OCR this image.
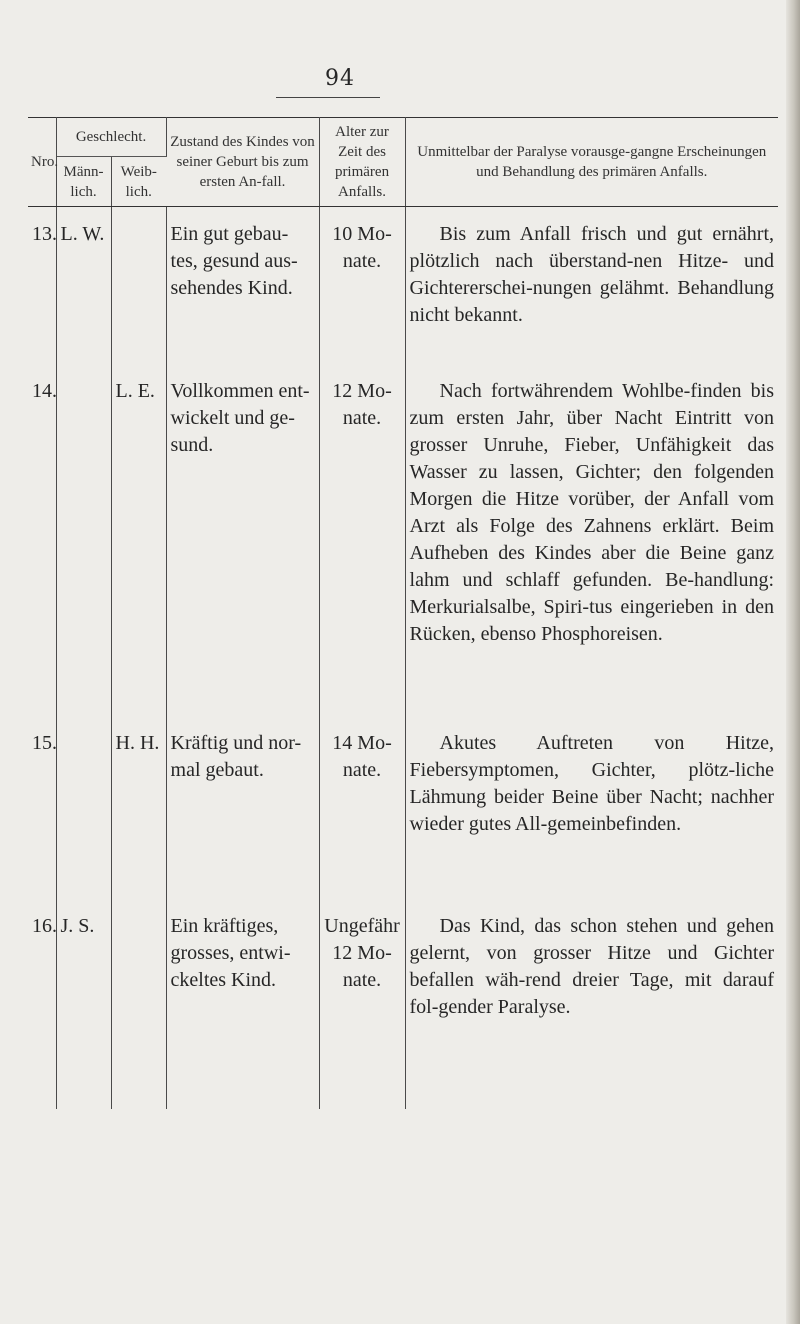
94
Nro.	Geschlecht.		Zustand des Kindes von seiner Geburt bis zum ersten An-fall.	Alter zur Zeit des primären Anfalls.	Unmittelbar der Paralyse vorausge-gangne Erscheinungen und Behandlung des primären Anfalls.
	Männ-lich.	Weib-lich.			
13.	L. W.		Ein gut gebau-tes, gesund aus-sehendes Kind.	10 Mo-nate.	Bis zum Anfall frisch und gut ernährt, plötzlich nach überstand-nen Hitze- und Gichtererschei-nungen gelähmt. Behandlung nicht bekannt.
14.		L. E.	Vollkommen ent-wickelt und ge-sund.	12 Mo-nate.	Nach fortwährendem Wohlbe-finden bis zum ersten Jahr, über Nacht Eintritt von grosser Unruhe, Fieber, Unfähigkeit das Wasser zu lassen, Gichter; den folgenden Morgen die Hitze vorüber, der Anfall vom Arzt als Folge des Zahnens erklärt. Beim Aufheben des Kindes aber die Beine ganz lahm und schlaff gefunden. Be-handlung: Merkurialsalbe, Spiri-tus eingerieben in den Rücken, ebenso Phosphoreisen.
15.		H. H.	Kräftig und nor-mal gebaut.	14 Mo-nate.	Akutes Auftreten von Hitze, Fiebersymptomen, Gichter, plötz-liche Lähmung beider Beine über Nacht; nachher wieder gutes All-gemeinbefinden.
16.	J. S.		Ein kräftiges, grosses, entwi-ckeltes Kind.	Ungefähr 12 Mo-nate.	Das Kind, das schon stehen und gehen gelernt, von grosser Hitze und Gichter befallen wäh-rend dreier Tage, mit darauf fol-gender Paralyse.
